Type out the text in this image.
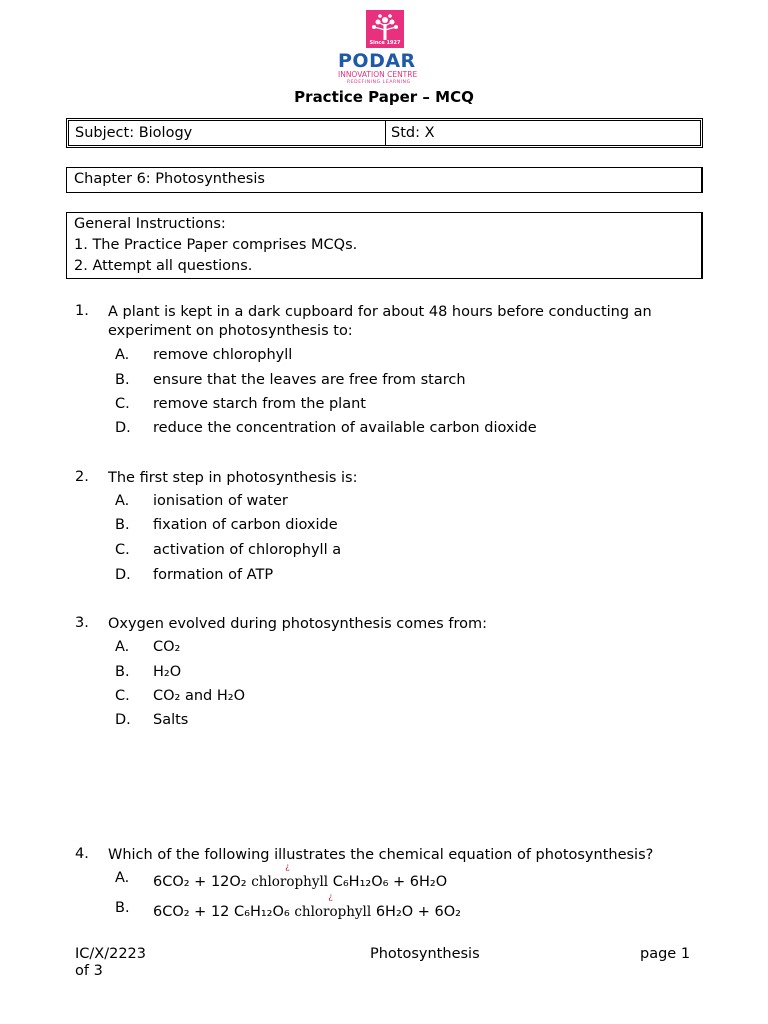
Since 1927
PODAR
INNOVATION CENTRE
REDEFINING LEARNING
Practice Paper – MCQ
Subject: Biology	Std: X
Chapter 6: Photosynthesis
General Instructions:
1. The Practice Paper comprises MCQs.
2. Attempt all questions.
1. A plant is kept in a dark cupboard for about 48 hours before conducting an experiment on photosynthesis to:
A. remove chlorophyll
B. ensure that the leaves are free from starch
C. remove starch from the plant
D. reduce the concentration of available carbon dioxide
2. The first step in photosynthesis is:
A. ionisation of water
B. fixation of carbon dioxide
C. activation of chlorophyll a
D. formation of ATP
3. Oxygen evolved during photosynthesis comes from:
A. CO₂
B. H₂O
C. CO₂ and H₂O
D. Salts
4. Which of the following illustrates the chemical equation of photosynthesis?
A. 6CO₂ + 12O₂
¿
chlorophyll C₆H₁₂O₆ + 6H₂O
B. 6CO₂ + 12 C₆H₁₂O₆
¿
chlorophyll 6H₂O + 6O₂
IC/X/2223	Photosynthesis	page 1
of 3
